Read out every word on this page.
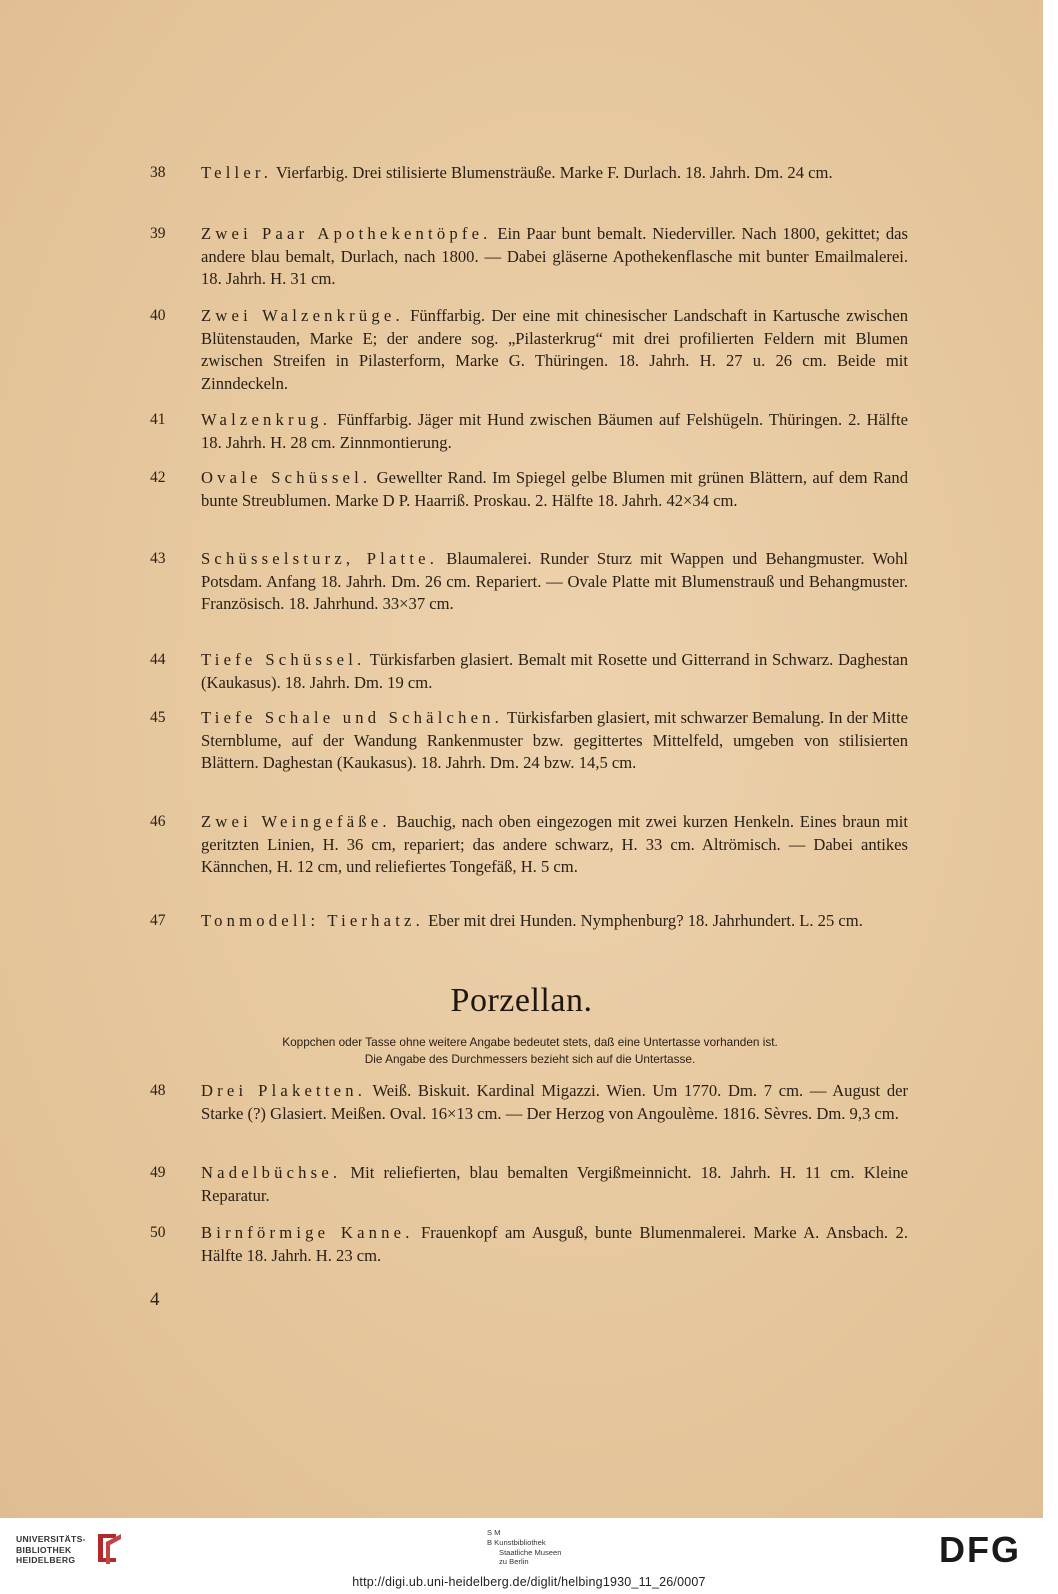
38	Teller. Vierfarbig. Drei stilisierte Blumensträuße. Marke F. Durlach. 18. Jahrh. Dm. 24 cm.
39	Zwei Paar Apothekentöpfe. Ein Paar bunt bemalt. Niederviller. Nach 1800, gekittet; das andere blau bemalt, Durlach, nach 1800. — Dabei gläserne Apothekenflasche mit bunter Emailmalerei. 18. Jahrh. H. 31 cm.
40	Zwei Walzenkrüge. Fünffarbig. Der eine mit chinesischer Landschaft in Kartusche zwischen Blütenstauden, Marke E; der andere sog. „Pilasterkrug“ mit drei profilierten Feldern mit Blumen zwischen Streifen in Pilasterform, Marke G. Thüringen. 18. Jahrh. H. 27 u. 26 cm. Beide mit Zinndeckeln.
41	Walzenkrug. Fünffarbig. Jäger mit Hund zwischen Bäumen auf Felshügeln. Thüringen. 2. Hälfte 18. Jahrh. H. 28 cm. Zinnmontierung.
42	Ovale Schüssel. Gewellter Rand. Im Spiegel gelbe Blumen mit grünen Blättern, auf dem Rand bunte Streublumen. Marke D P. Haarriß. Proskau. 2. Hälfte 18. Jahrh. 42×34 cm.
43	Schüsselsturz, Platte. Blaumalerei. Runder Sturz mit Wappen und Behangmuster. Wohl Potsdam. Anfang 18. Jahrh. Dm. 26 cm. Repariert. — Ovale Platte mit Blumenstrauß und Behangmuster. Französisch. 18. Jahrhund. 33×37 cm.
44	Tiefe Schüssel. Türkisfarben glasiert. Bemalt mit Rosette und Gitterrand in Schwarz. Daghestan (Kaukasus). 18. Jahrh. Dm. 19 cm.
45	Tiefe Schale und Schälchen. Türkisfarben glasiert, mit schwarzer Bemalung. In der Mitte Sternblume, auf der Wandung Rankenmuster bzw. gegittertes Mittelfeld, umgeben von stilisierten Blättern. Daghestan (Kaukasus). 18. Jahrh. Dm. 24 bzw. 14,5 cm.
46	Zwei Weingefäße. Bauchig, nach oben eingezogen mit zwei kurzen Henkeln. Eines braun mit geritzten Linien, H. 36 cm, repariert; das andere schwarz, H. 33 cm. Altrömisch. — Dabei antikes Kännchen, H. 12 cm, und reliefiertes Tongefäß, H. 5 cm.
47	Tonmodell: Tierhatz. Eber mit drei Hunden. Nymphenburg? 18. Jahrhundert. L. 25 cm.
Porzellan.
Koppchen oder Tasse ohne weitere Angabe bedeutet stets, daß eine Untertasse vorhanden ist.
Die Angabe des Durchmessers bezieht sich auf die Untertasse.
48	Drei Plaketten. Weiß. Biskuit. Kardinal Migazzi. Wien. Um 1770. Dm. 7 cm. — August der Starke (?) Glasiert. Meißen. Oval. 16×13 cm. — Der Herzog von Angoulème. 1816. Sèvres. Dm. 9,3 cm.
49	Nadelbüchse. Mit reliefierten, blau bemalten Vergißmeinnicht. 18. Jahrh. H. 11 cm. Kleine Reparatur.
50	Birnförmige Kanne. Frauenkopf am Ausguß, bunte Blumenmalerei. Marke A. Ansbach. 2. Hälfte 18. Jahrh. H. 23 cm.
4
UNIVERSITÄTS-
BIBLIOTHEK
HEIDELBERG
S M
B Kunstbibliothek
Staatliche Museen
zu Berlin	DFG
http://digi.ub.uni-heidelberg.de/diglit/helbing1930_11_26/0007
